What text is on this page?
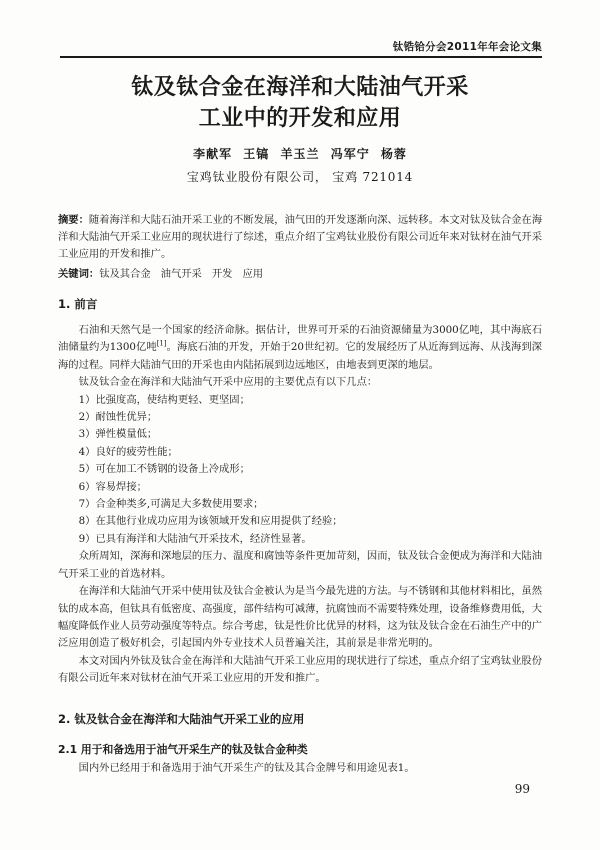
钛锆铪分会2011年年会论文集
钛及钛合金在海洋和大陆油气开采
工业中的开发和应用
李献军 王镐 羊玉兰 冯军宁 杨蓉
宝鸡钛业股份有限公司， 宝鸡 721014
摘要：随着海洋和大陆石油开采工业的不断发展，油气田的开发逐渐向深、远转移。本文对钛及钛合金在海洋和大陆油气开采工业应用的现状进行了综述，重点介绍了宝鸡钛业股份有限公司近年来对钛材在油气开采工业应用的开发和推广。
关键词：钛及其合金 油气开采 开发 应用
1. 前言

石油和天然气是一个国家的经济命脉。据估计，世界可开采的石油资源储量为3000亿吨，其中海底石油储量约为1300亿吨[1]。海底石油的开发，开始于20世纪初。它的发展经历了从近海到远海、从浅海到深海的过程。同样大陆油气田的开采也由内陆拓展到边远地区，由地表到更深的地层。

钛及钛合金在海洋和大陆油气开采中应用的主要优点有以下几点：

1）比强度高，使结构更轻、更坚固；
2）耐蚀性优异；
3）弹性模量低；
4）良好的疲劳性能；
5）可在加工不锈钢的设备上冷成形；
6）容易焊接；
7）合金种类多,可满足大多数使用要求；
8）在其他行业成功应用为该领域开发和应用提供了经验；
9）已具有海洋和大陆油气开采技术，经济性显著。

众所周知，深海和深地层的压力、温度和腐蚀等条件更加苛刻，因而，钛及钛合金便成为海洋和大陆油气开采工业的首选材料。

在海洋和大陆油气开采中使用钛及钛合金被认为是当今最先进的方法。与不锈钢和其他材料相比，虽然钛的成本高，但钛具有低密度、高强度，部件结构可减薄，抗腐蚀而不需要特殊处理，设备维修费用低，大幅度降低作业人员劳动强度等特点。综合考虑，钛是性价比优异的材料，这为钛及钛合金在石油生产中的广泛应用创造了极好机会，引起国内外专业技术人员普遍关注，其前景是非常光明的。

本文对国内外钛及钛合金在海洋和大陆油气开采工业应用的现状进行了综述，重点介绍了宝鸡钛业股份有限公司近年来对钛材在油气开采工业应用的开发和推广。

2. 钛及钛合金在海洋和大陆油气开采工业的应用
2.1 用于和备选用于油气开采生产的钛及钛合金种类
国内外已经用于和备选用于油气开采生产的钛及其合金牌号和用途见表1。
99
